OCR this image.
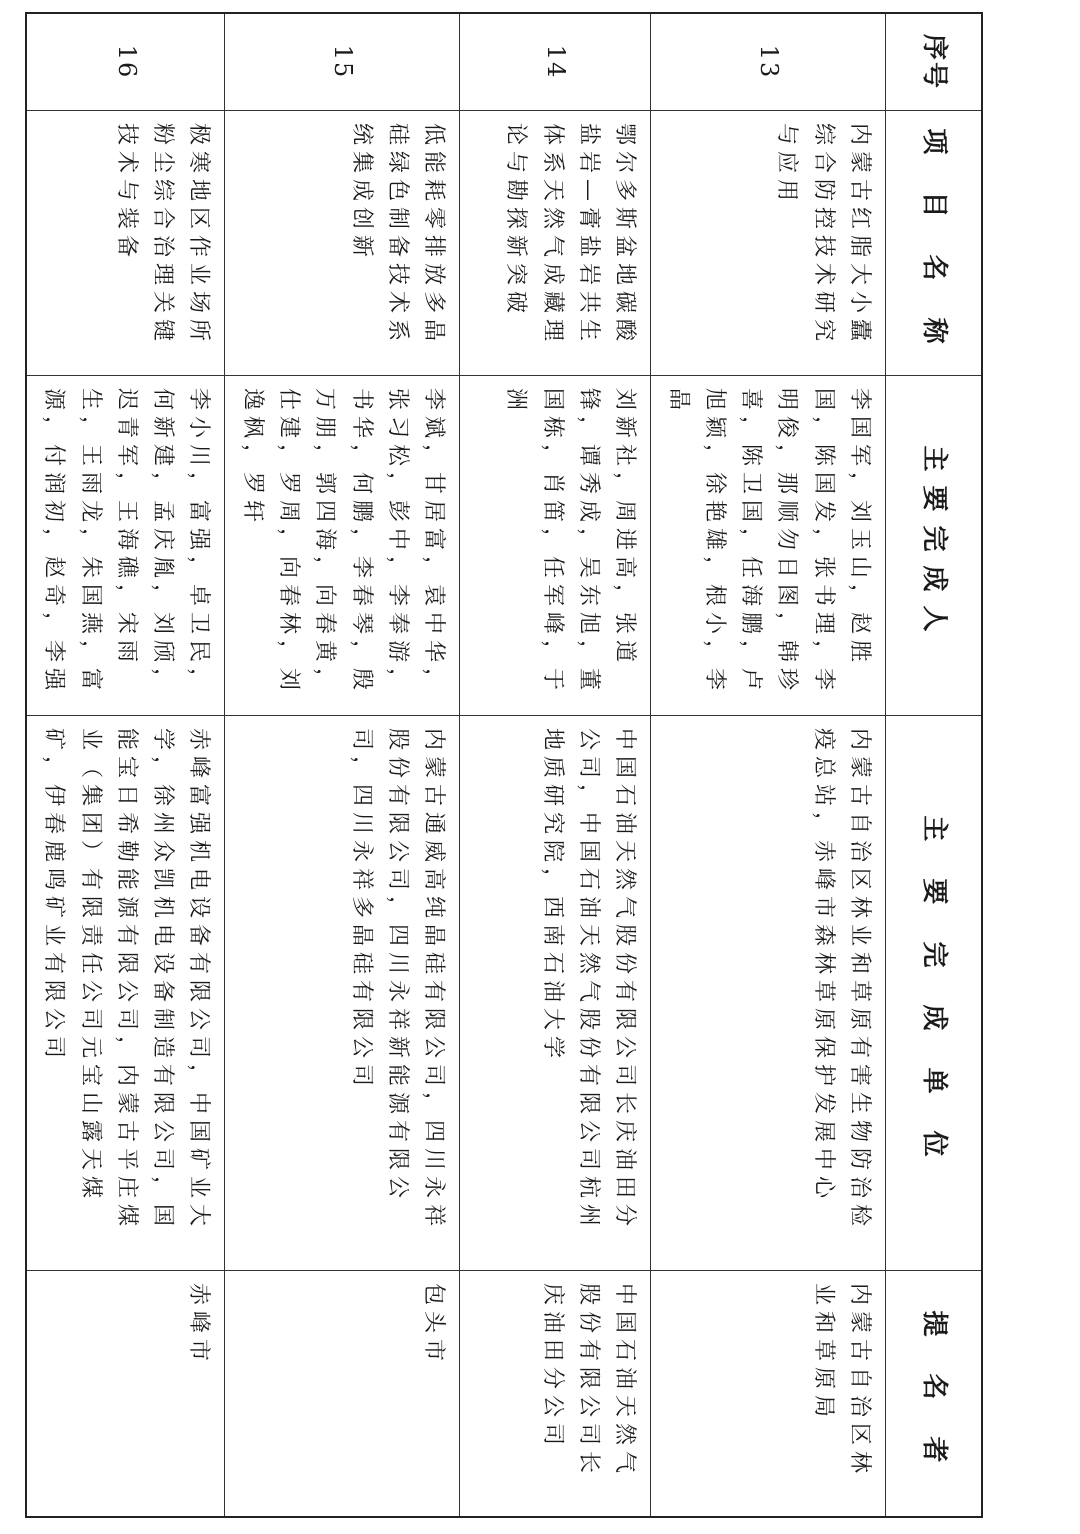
序号
项 目 名 称
主要完成人
主 要 完 成 单 位
提 名 者
13
内蒙古红脂大小蠹综合防控技术研究与应用
李国军，刘玉山，赵胜国，陈国发，张书理，李明俊，那顺勿日图，韩珍喜，陈卫国，任海鹏，卢旭颖，徐艳雄，根小，李晶
内蒙古自治区林业和草原有害生物防治检疫总站，赤峰市森林草原保护发展中心
内蒙古自治区林业和草原局
14
鄂尔多斯盆地碳酸盐岩—膏盐岩共生体系天然气成藏理论与勘探新突破
刘新社，周进高，张道锋，谭秀成，吴东旭，董国栋，肖笛，任军峰，于洲
中国石油天然气股份有限公司长庆油田分公司，中国石油天然气股份有限公司杭州地质研究院，西南石油大学
中国石油天然气股份有限公司长庆油田分公司
15
低能耗零排放多晶硅绿色制备技术系统集成创新
李斌，甘居富，袁中华，张习松，彭中，李奉游，书华，何鹏，李春琴，殷万朋，郭四海，向春黄，仕建，罗周，向春林，刘逸枫，罗轩
内蒙古通威高纯晶硅有限公司，四川永祥股份有限公司，四川永祥新能源有限公司，四川永祥多晶硅有限公司
包头市
16
极寒地区作业场所粉尘综合治理关键技术与装备
李小川，富强，卓卫民，何新建，孟庆胤，刘颀，迟青军，王海礁，宋雨生，王雨龙，朱国燕，富源，付润初，赵奇，李强
赤峰富强机电设备有限公司，中国矿业大学，徐州众凯机电设备制造有限公司，国能宝日希勒能源有限公司，内蒙古平庄煤业（集团）有限责任公司元宝山露天煤矿，伊春鹿鸣矿业有限公司
赤峰市
